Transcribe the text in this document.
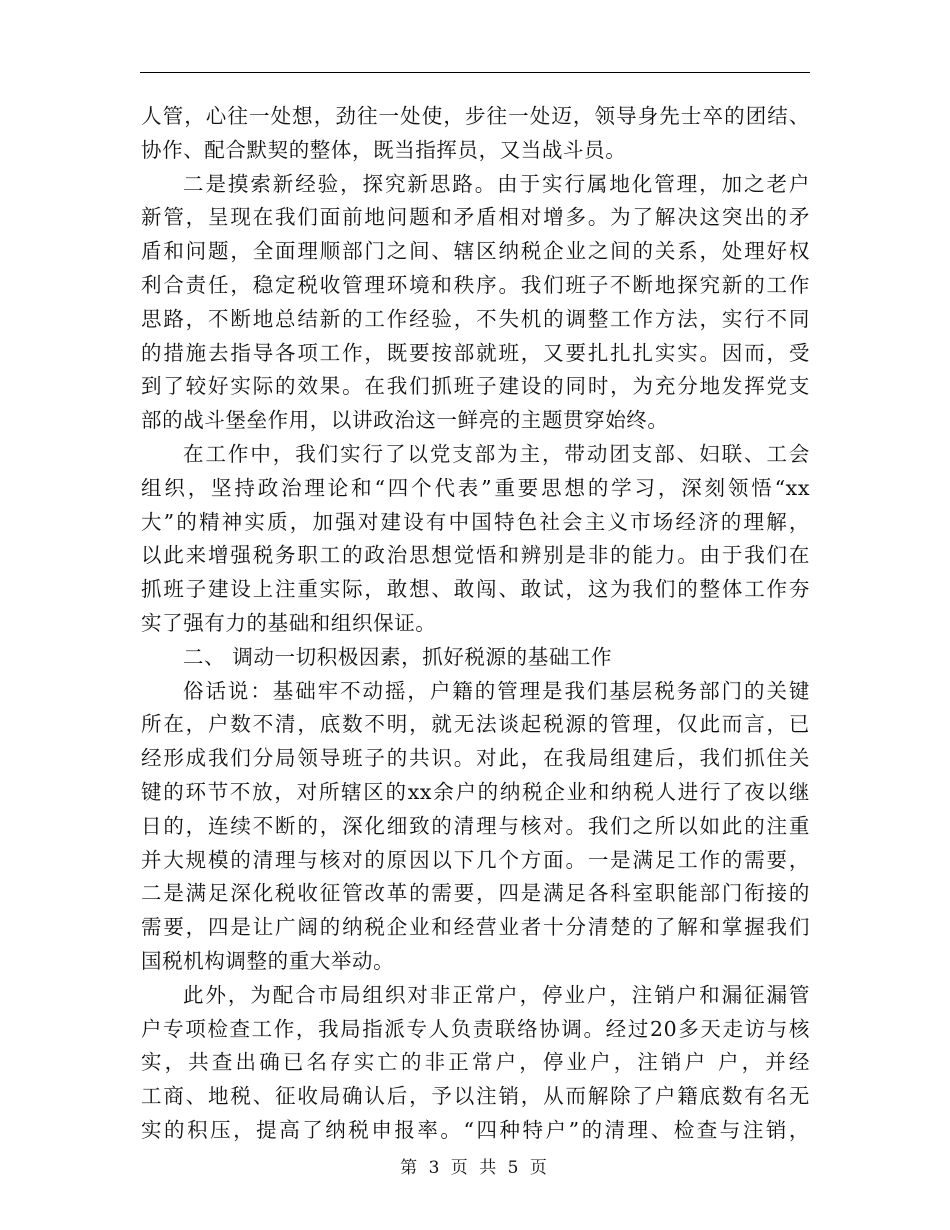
人管，心往一处想，劲往一处使，步往一处迈，领导身先士卒的团结、
协作、配合默契的整体，既当指挥员，又当战斗员。
二是摸索新经验，探究新思路。由于实行属地化管理，加之老户
新管，呈现在我们面前地问题和矛盾相对增多。为了解决这突出的矛
盾和问题，全面理顺部门之间、辖区纳税企业之间的关系，处理好权
利合责任，稳定税收管理环境和秩序。我们班子不断地探究新的工作
思路，不断地总结新的工作经验，不失机的调整工作方法，实行不同
的措施去指导各项工作，既要按部就班，又要扎扎扎实实。因而，受
到了较好实际的效果。在我们抓班子建设的同时，为充分地发挥党支
部的战斗堡垒作用，以讲政治这一鲜亮的主题贯穿始终。
在工作中，我们实行了以党支部为主，带动团支部、妇联、工会
组织，坚持政治理论和“四个代表”重要思想的学习，深刻领悟“xx
大”的精神实质，加强对建设有中国特色社会主义市场经济的理解，
以此来增强税务职工的政治思想觉悟和辨别是非的能力。由于我们在
抓班子建设上注重实际，敢想、敢闯、敢试，这为我们的整体工作夯
实了强有力的基础和组织保证。
二、 调动一切积极因素，抓好税源的基础工作
俗话说：基础牢不动摇，户籍的管理是我们基层税务部门的关键
所在，户数不清，底数不明，就无法谈起税源的管理，仅此而言，已
经形成我们分局领导班子的共识。对此，在我局组建后，我们抓住关
键的环节不放，对所辖区的xx余户的纳税企业和纳税人进行了夜以继
日的，连续不断的，深化细致的清理与核对。我们之所以如此的注重
并大规模的清理与核对的原因以下几个方面。一是满足工作的需要，
二是满足深化税收征管改革的需要，四是满足各科室职能部门衔接的
需要，四是让广阔的纳税企业和经营业者十分清楚的了解和掌握我们
国税机构调整的重大举动。
此外，为配合市局组织对非正常户，停业户，注销户和漏征漏管
户专项检查工作，我局指派专人负责联络协调。经过20多天走访与核
实，共查出确已名存实亡的非正常户，停业户，注销户 户，并经
工商、地税、征收局确认后，予以注销，从而解除了户籍底数有名无
实的积压，提高了纳税申报率。“四种特户”的清理、检查与注销，
第 3 页 共 5 页
